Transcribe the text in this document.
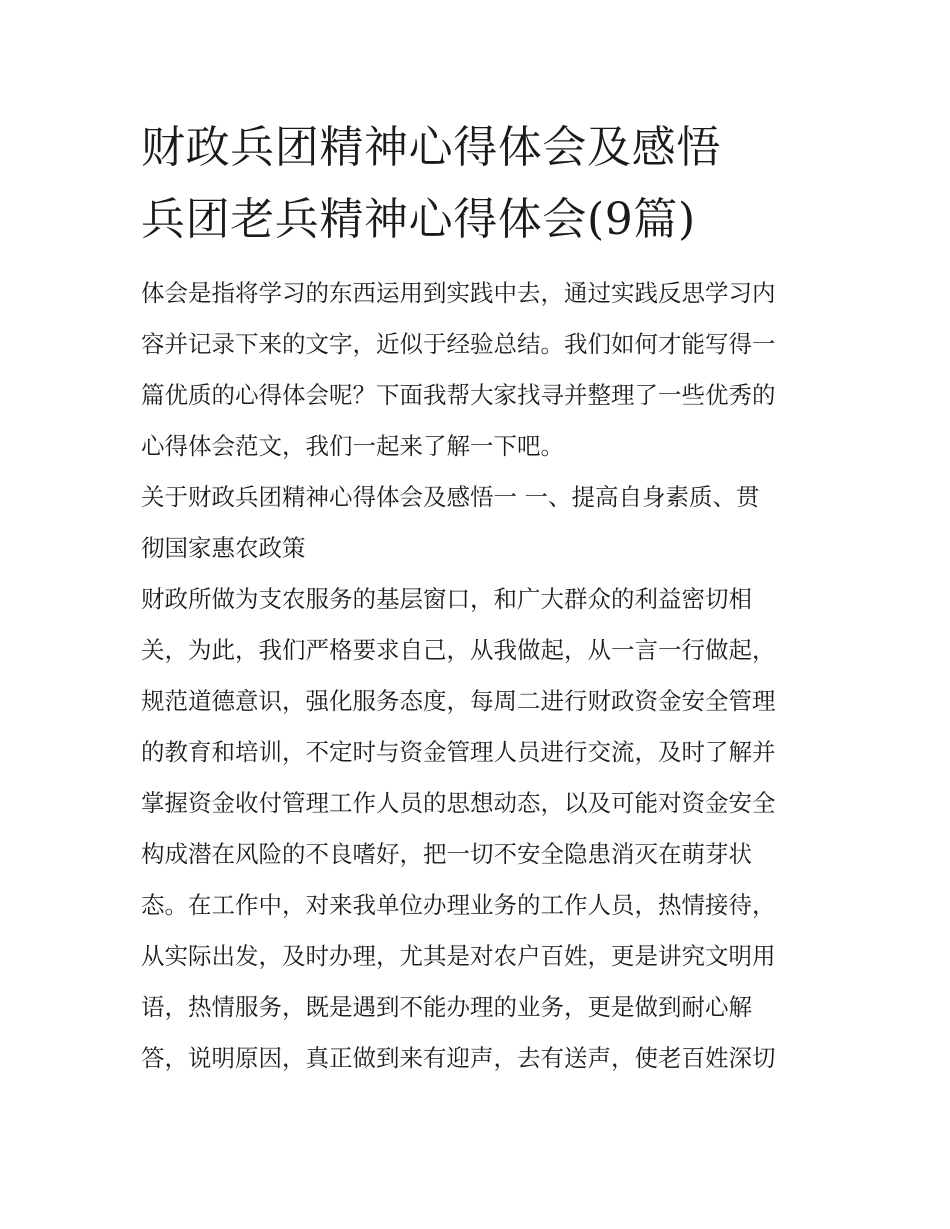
财政兵团精神心得体会及感悟
兵团老兵精神心得体会(9篇)

体会是指将学习的东西运用到实践中去，通过实践反思学习内
容并记录下来的文字，近似于经验总结。我们如何才能写得一
篇优质的心得体会呢？下面我帮大家找寻并整理了一些优秀的
心得体会范文，我们一起来了解一下吧。

关于财政兵团精神心得体会及感悟一 一、提高自身素质、贯
彻国家惠农政策

财政所做为支农服务的基层窗口，和广大群众的利益密切相
关，为此，我们严格要求自己，从我做起，从一言一行做起，
规范道德意识，强化服务态度，每周二进行财政资金安全管理
的教育和培训，不定时与资金管理人员进行交流，及时了解并
掌握资金收付管理工作人员的思想动态，以及可能对资金安全
构成潜在风险的不良嗜好，把一切不安全隐患消灭在萌芽状
态。在工作中，对来我单位办理业务的工作人员，热情接待，
从实际出发，及时办理，尤其是对农户百姓，更是讲究文明用
语，热情服务，既是遇到不能办理的业务，更是做到耐心解
答，说明原因，真正做到来有迎声，去有送声，使老百姓深切
